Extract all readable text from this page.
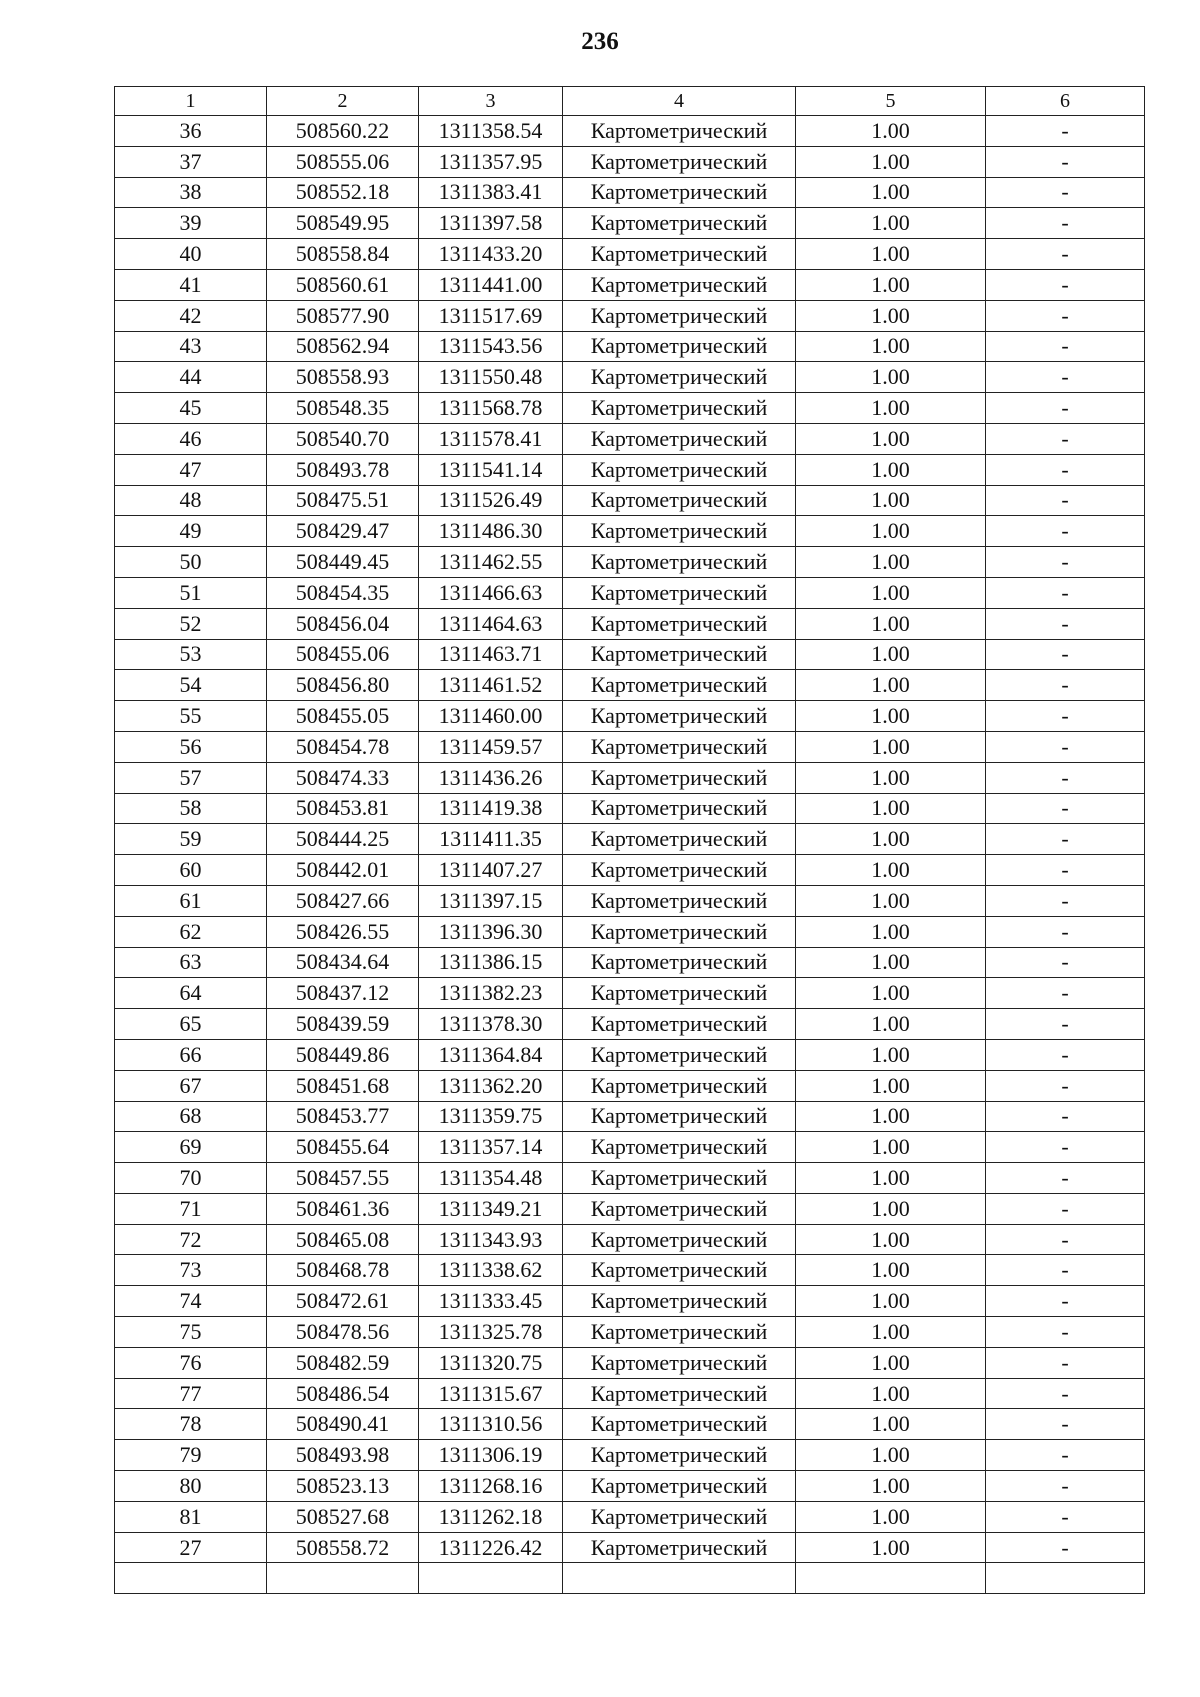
236
1	2	3	4	5	6
36	508560.22	1311358.54	Картометрический	1.00	-
37	508555.06	1311357.95	Картометрический	1.00	-
38	508552.18	1311383.41	Картометрический	1.00	-
39	508549.95	1311397.58	Картометрический	1.00	-
40	508558.84	1311433.20	Картометрический	1.00	-
41	508560.61	1311441.00	Картометрический	1.00	-
42	508577.90	1311517.69	Картометрический	1.00	-
43	508562.94	1311543.56	Картометрический	1.00	-
44	508558.93	1311550.48	Картометрический	1.00	-
45	508548.35	1311568.78	Картометрический	1.00	-
46	508540.70	1311578.41	Картометрический	1.00	-
47	508493.78	1311541.14	Картометрический	1.00	-
48	508475.51	1311526.49	Картометрический	1.00	-
49	508429.47	1311486.30	Картометрический	1.00	-
50	508449.45	1311462.55	Картометрический	1.00	-
51	508454.35	1311466.63	Картометрический	1.00	-
52	508456.04	1311464.63	Картометрический	1.00	-
53	508455.06	1311463.71	Картометрический	1.00	-
54	508456.80	1311461.52	Картометрический	1.00	-
55	508455.05	1311460.00	Картометрический	1.00	-
56	508454.78	1311459.57	Картометрический	1.00	-
57	508474.33	1311436.26	Картометрический	1.00	-
58	508453.81	1311419.38	Картометрический	1.00	-
59	508444.25	1311411.35	Картометрический	1.00	-
60	508442.01	1311407.27	Картометрический	1.00	-
61	508427.66	1311397.15	Картометрический	1.00	-
62	508426.55	1311396.30	Картометрический	1.00	-
63	508434.64	1311386.15	Картометрический	1.00	-
64	508437.12	1311382.23	Картометрический	1.00	-
65	508439.59	1311378.30	Картометрический	1.00	-
66	508449.86	1311364.84	Картометрический	1.00	-
67	508451.68	1311362.20	Картометрический	1.00	-
68	508453.77	1311359.75	Картометрический	1.00	-
69	508455.64	1311357.14	Картометрический	1.00	-
70	508457.55	1311354.48	Картометрический	1.00	-
71	508461.36	1311349.21	Картометрический	1.00	-
72	508465.08	1311343.93	Картометрический	1.00	-
73	508468.78	1311338.62	Картометрический	1.00	-
74	508472.61	1311333.45	Картометрический	1.00	-
75	508478.56	1311325.78	Картометрический	1.00	-
76	508482.59	1311320.75	Картометрический	1.00	-
77	508486.54	1311315.67	Картометрический	1.00	-
78	508490.41	1311310.56	Картометрический	1.00	-
79	508493.98	1311306.19	Картометрический	1.00	-
80	508523.13	1311268.16	Картометрический	1.00	-
81	508527.68	1311262.18	Картометрический	1.00	-
27	508558.72	1311226.42	Картометрический	1.00	-
